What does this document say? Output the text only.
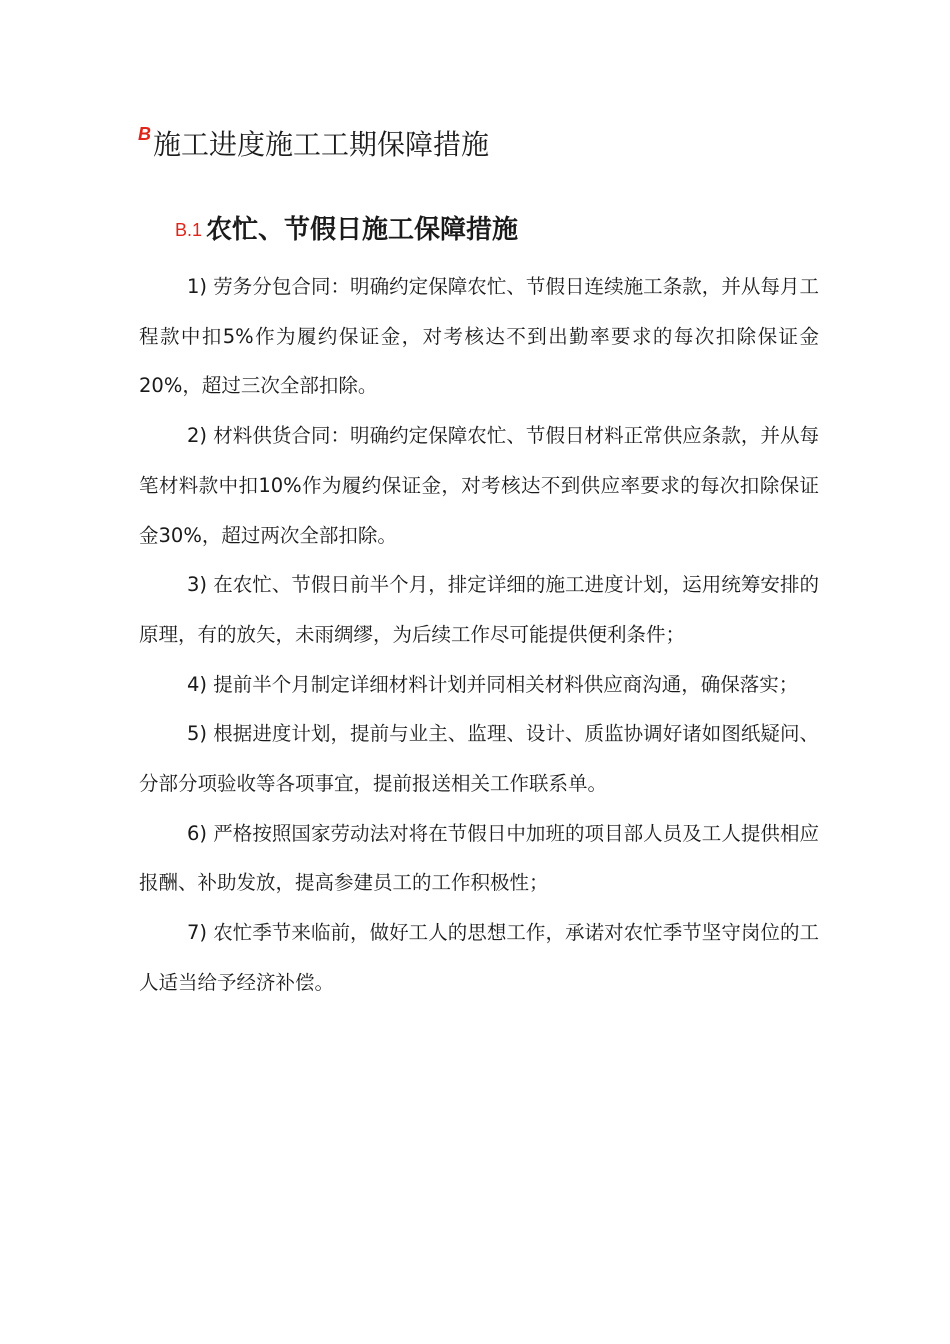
$^B$施工进度施工工期保障措施
B.1 农忙、节假日施工保障措施

1) 劳务分包合同：明确约定保障农忙、节假日连续施工条款，并从每月工程款中扣5%作为履约保证金，对考核达不到出勤率要求的每次扣除保证金20%，超过三次全部扣除。

2) 材料供货合同：明确约定保障农忙、节假日材料正常供应条款，并从每笔材料款中扣10%作为履约保证金，对考核达不到供应率要求的每次扣除保证金30%，超过两次全部扣除。

3) 在农忙、节假日前半个月，排定详细的施工进度计划，运用统筹安排的原理，有的放矢，未雨绸缪，为后续工作尽可能提供便利条件；

4) 提前半个月制定详细材料计划并同相关材料供应商沟通，确保落实；

5) 根据进度计划，提前与业主、监理、设计、质监协调好诸如图纸疑问、分部分项验收等各项事宜，提前报送相关工作联系单。

6) 严格按照国家劳动法对将在节假日中加班的项目部人员及工人提供相应报酬、补助发放，提高参建员工的工作积极性；

7) 农忙季节来临前，做好工人的思想工作，承诺对农忙季节坚守岗位的工人适当给予经济补偿。
